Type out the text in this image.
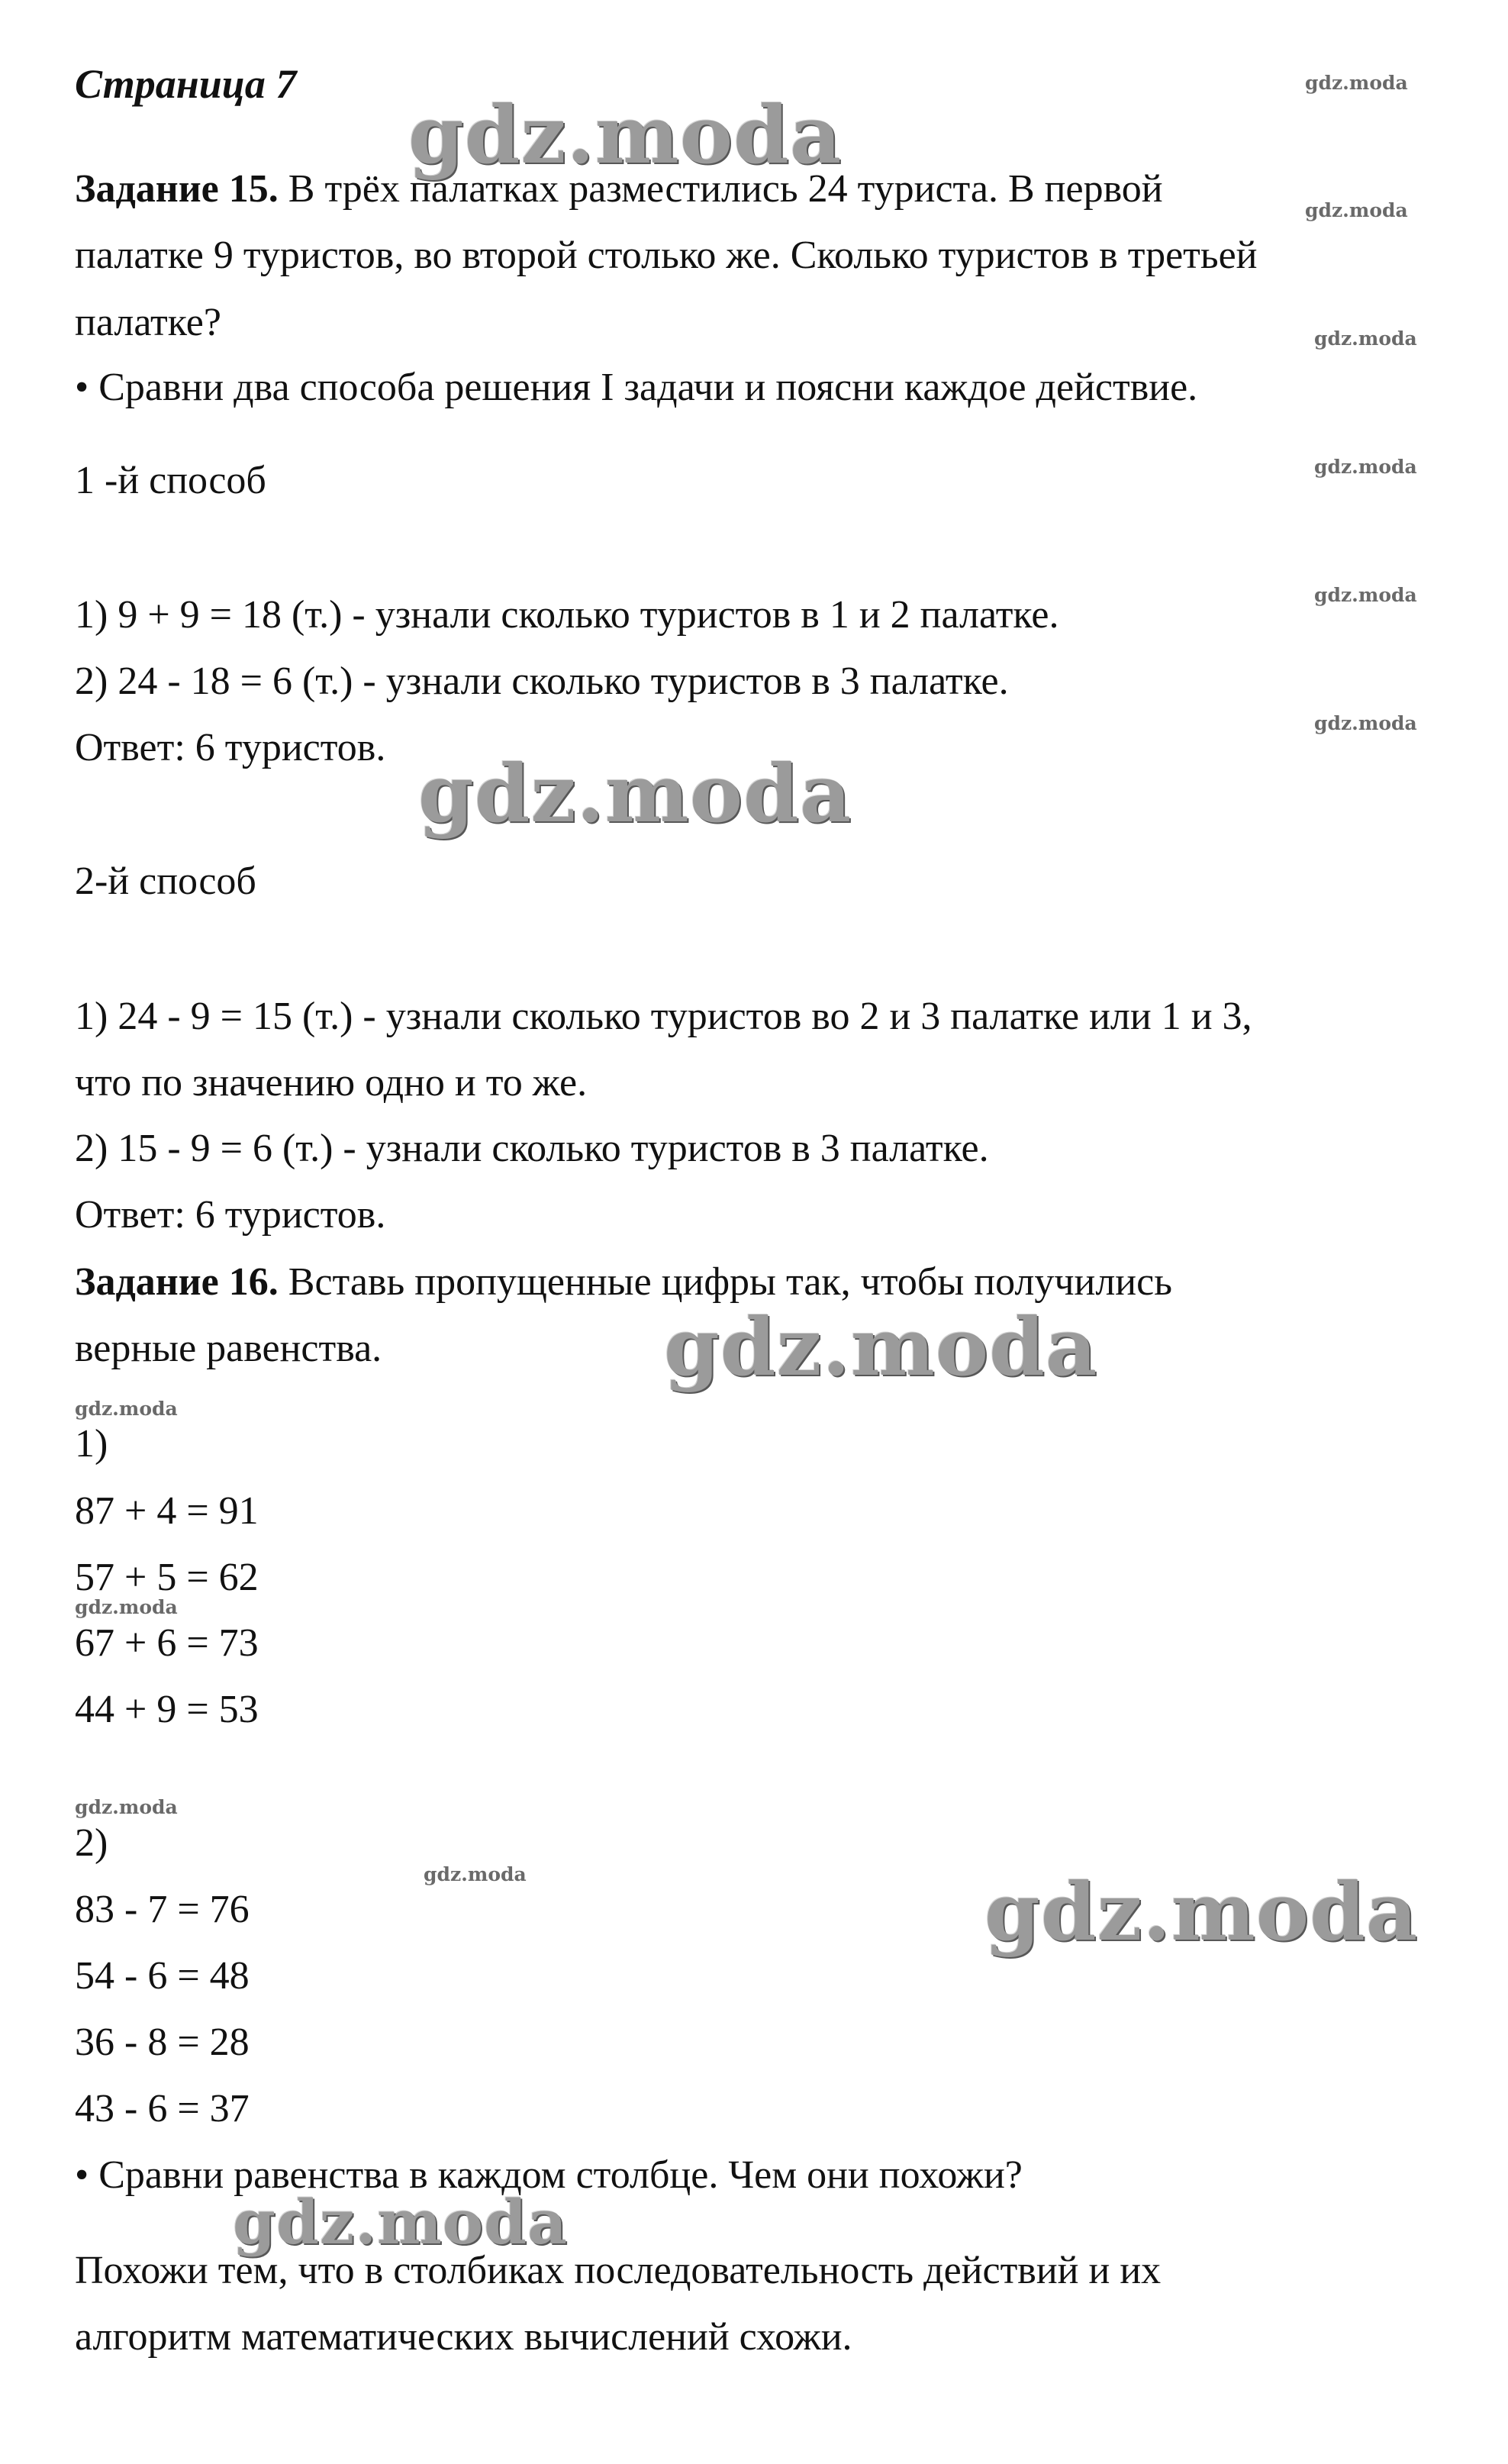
Страница 7
Задание 15. В трёх палатках разместились 24 туриста. В первой
палатке 9 туристов, во второй столько же. Сколько туристов в третьей
палатке?
• Сравни два способа решения I задачи и поясни каждое действие.
1 -й способ
1) 9 + 9 = 18 (т.) - узнали сколько туристов в 1 и 2 палатке.
2) 24 - 18 = 6 (т.) - узнали сколько туристов в 3 палатке.
Ответ: 6 туристов.
2-й способ
1) 24 - 9 = 15 (т.) - узнали сколько туристов во 2 и 3 палатке или 1 и 3,
что по значению одно и то же.
2) 15 - 9 = 6 (т.) - узнали сколько туристов в 3 палатке.
Ответ: 6 туристов.
Задание 16. Вставь пропущенные цифры так, чтобы получились
верные равенства.
1)
87 + 4 = 91
57 + 5 = 62
67 + 6 = 73
44 + 9 = 53
2)
83 - 7 = 76
54 - 6 = 48
36 - 8 = 28
43 - 6 = 37
• Сравни равенства в каждом столбце. Чем они похожи?
Похожи тем, что в столбиках последовательность действий и их
алгоритм математических вычислений схожи.
gdz.moda
gdz.moda
gdz.moda
gdz.moda
gdz.moda
gdz.moda
gdz.moda
gdz.moda
gdz.moda
gdz.moda
gdz.moda
gdz.moda
gdz.moda
gdz.moda
gdz.moda
